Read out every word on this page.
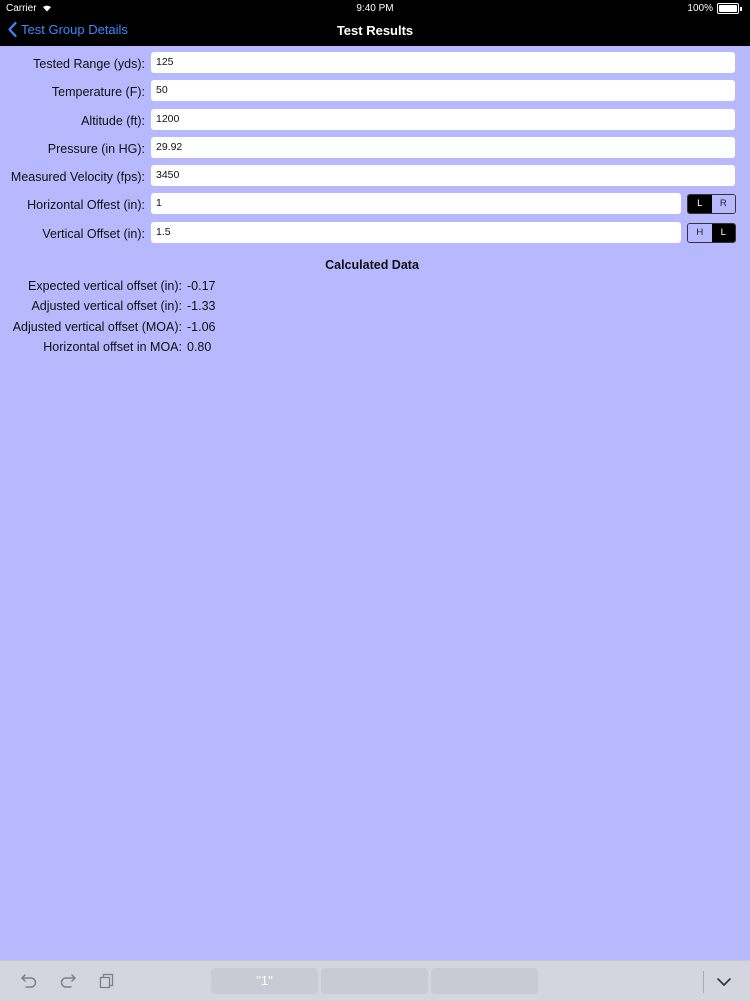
Carrier	9:40 PM	100%
Test Group Details	Test Results
Tested Range (yds):	125
Temperature (F):	50
Altitude (ft):	1200
Pressure (in HG):	29.92
Measured Velocity (fps):	3450
Horizontal Offest (in):	1	L	R
Vertical Offset (in):	1.5	H	L
Calculated Data
Expected vertical offset (in): -0.17
Adjusted vertical offset (in): -1.33
Adjusted vertical offset (MOA): -1.06
Horizontal offset in MOA: 0.80
"1"
